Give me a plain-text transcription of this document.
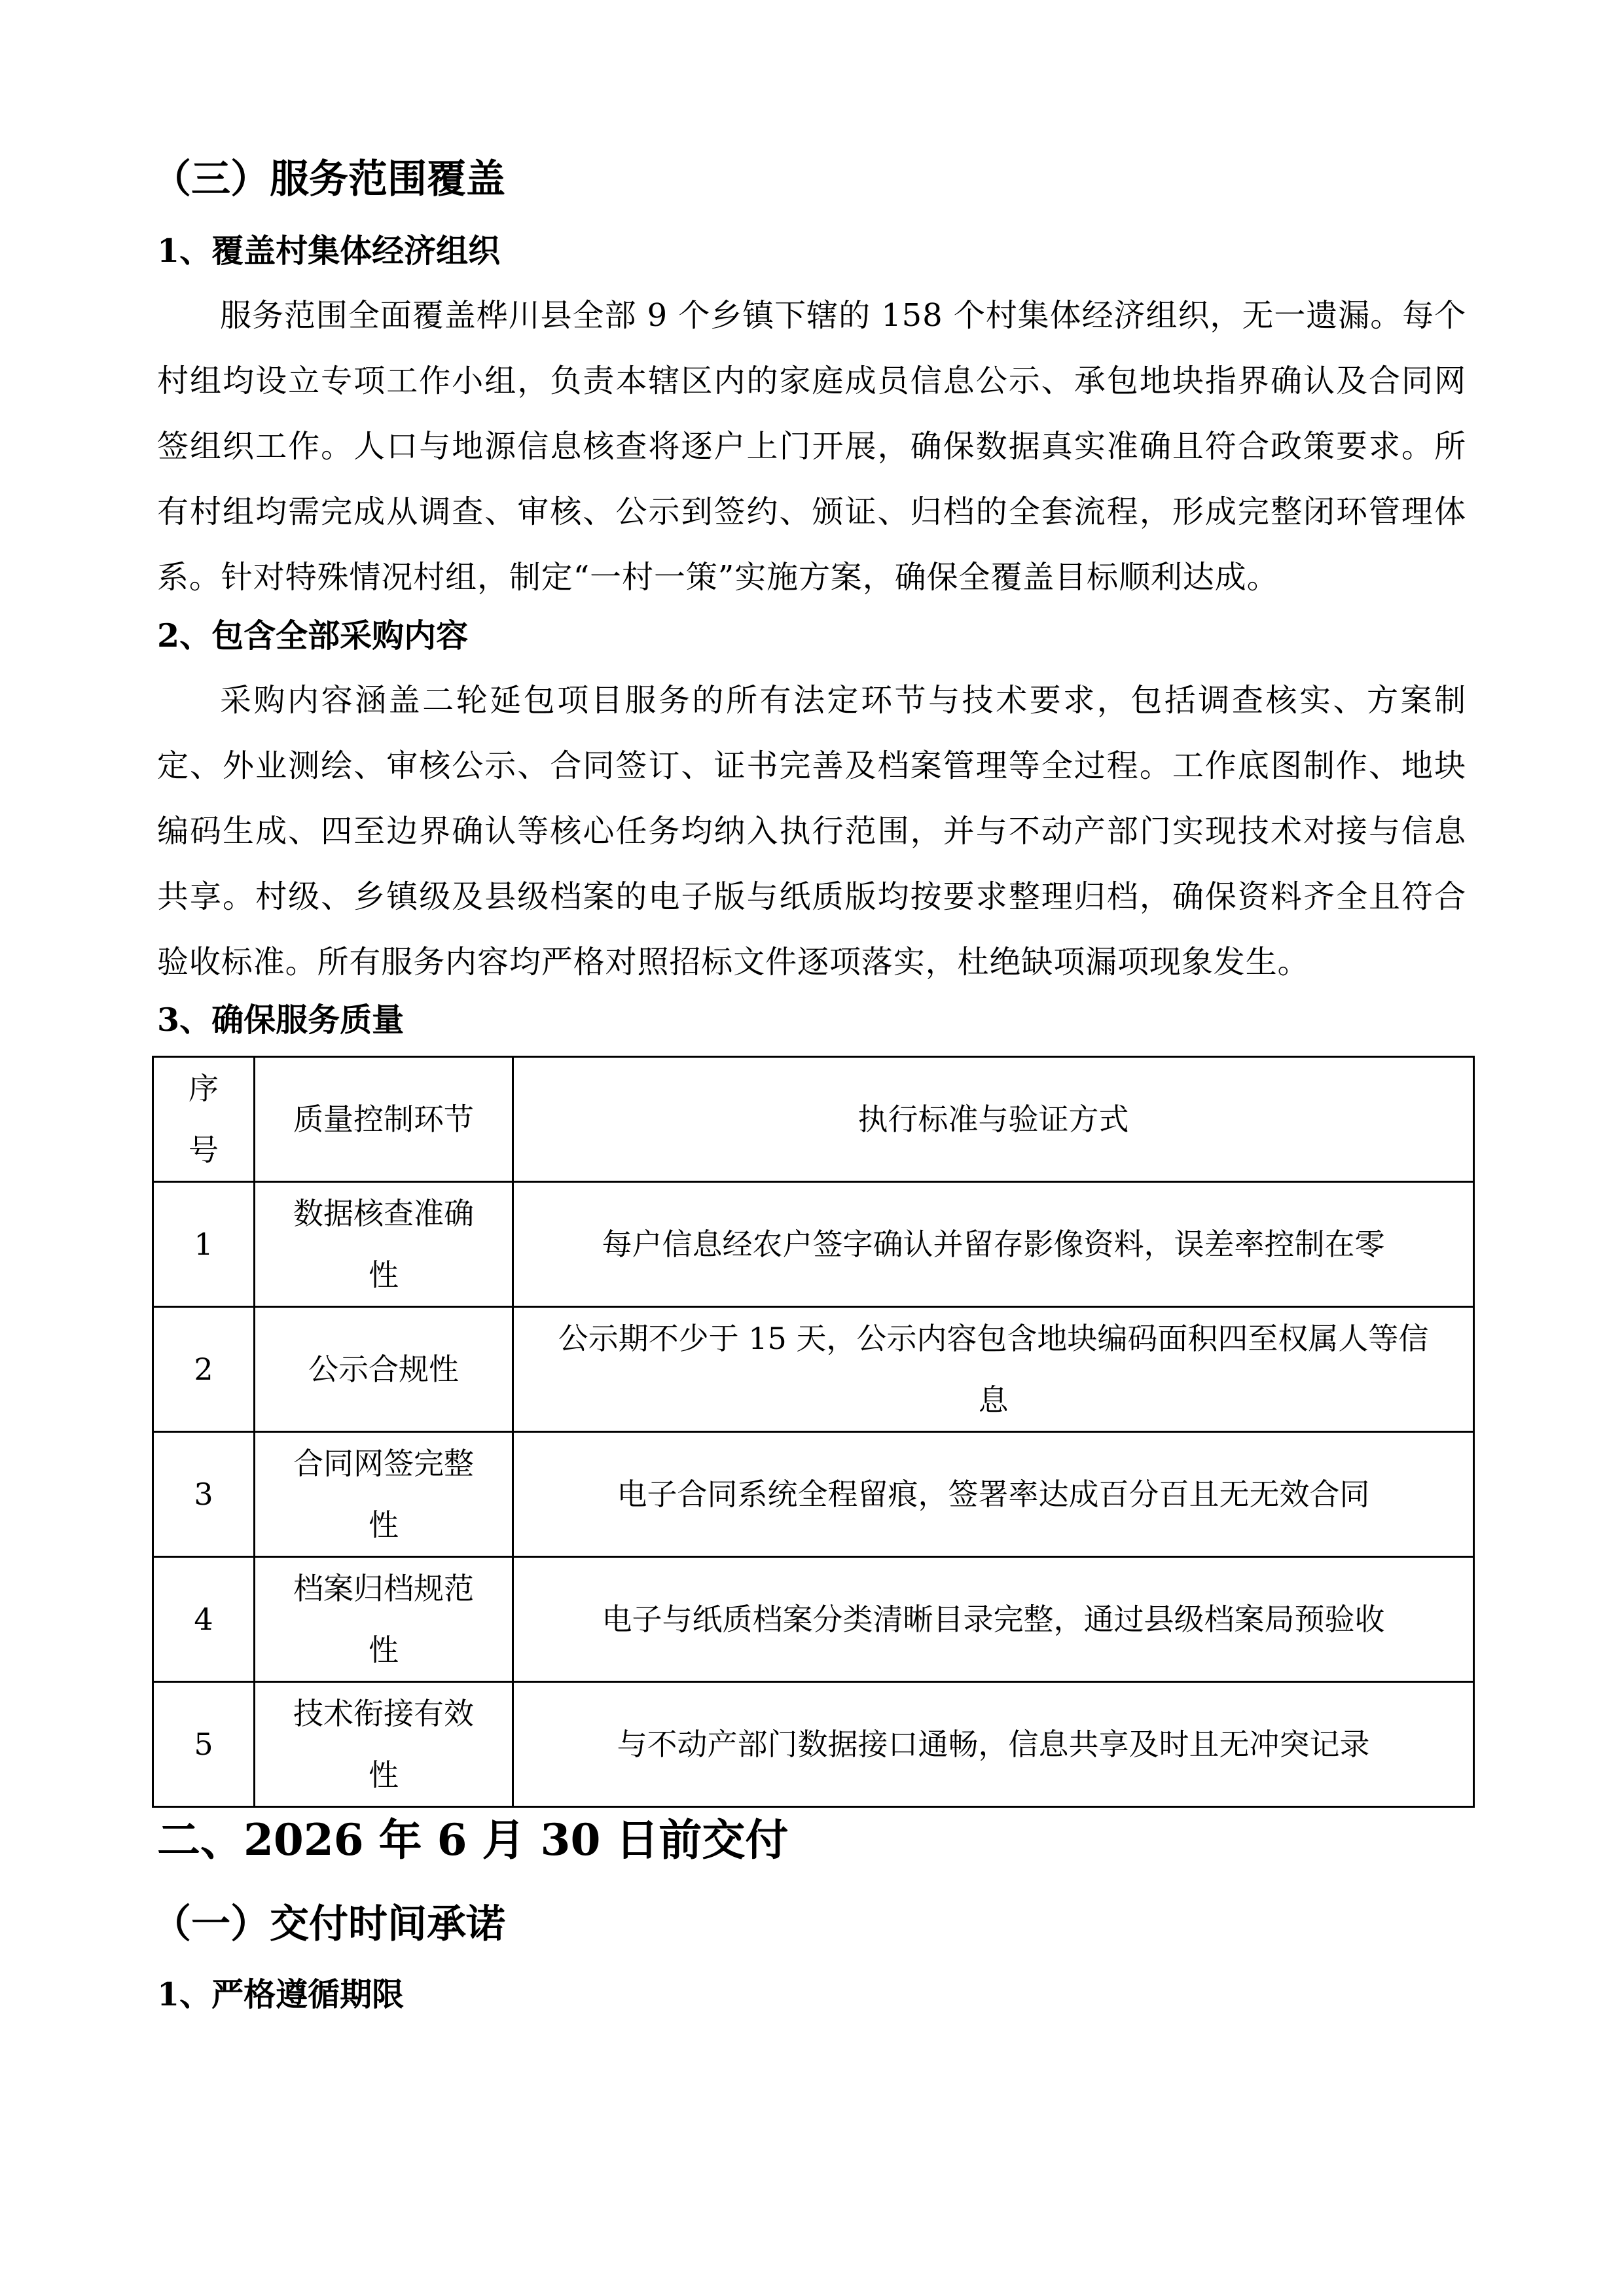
（三）服务范围覆盖
1、覆盖村集体经济组织

服务范围全面覆盖桦川县全部 9 个乡镇下辖的 158 个村集体经济组织，无一遗漏。每个村组均设立专项工作小组，负责本辖区内的家庭成员信息公示、承包地块指界确认及合同网签组织工作。人口与地源信息核查将逐户上门开展，确保数据真实准确且符合政策要求。所有村组均需完成从调查、审核、公示到签约、颁证、归档的全套流程，形成完整闭环管理体系。针对特殊情况村组，制定“一村一策”实施方案，确保全覆盖目标顺利达成。

2、包含全部采购内容

采购内容涵盖二轮延包项目服务的所有法定环节与技术要求，包括调查核实、方案制定、外业测绘、审核公示、合同签订、证书完善及档案管理等全过程。工作底图制作、地块编码生成、四至边界确认等核心任务均纳入执行范围，并与不动产部门实现技术对接与信息共享。村级、乡镇级及县级档案的电子版与纸质版均按要求整理归档，确保资料齐全且符合验收标准。所有服务内容均严格对照招标文件逐项落实，杜绝缺项漏项现象发生。

3、确保服务质量
序号	质量控制环节	执行标准与验证方式
1	数据核查准确性	每户信息经农户签字确认并留存影像资料，误差率控制在零
2	公示合规性	公示期不少于 15 天，公示内容包含地块编码面积四至权属人等信息
3	合同网签完整性	电子合同系统全程留痕，签署率达成百分百且无无效合同
4	档案归档规范性	电子与纸质档案分类清晰目录完整，通过县级档案局预验收
5	技术衔接有效性	与不动产部门数据接口通畅，信息共享及时且无冲突记录
二、2026 年 6 月 30 日前交付
（一）交付时间承诺
1、严格遵循期限
